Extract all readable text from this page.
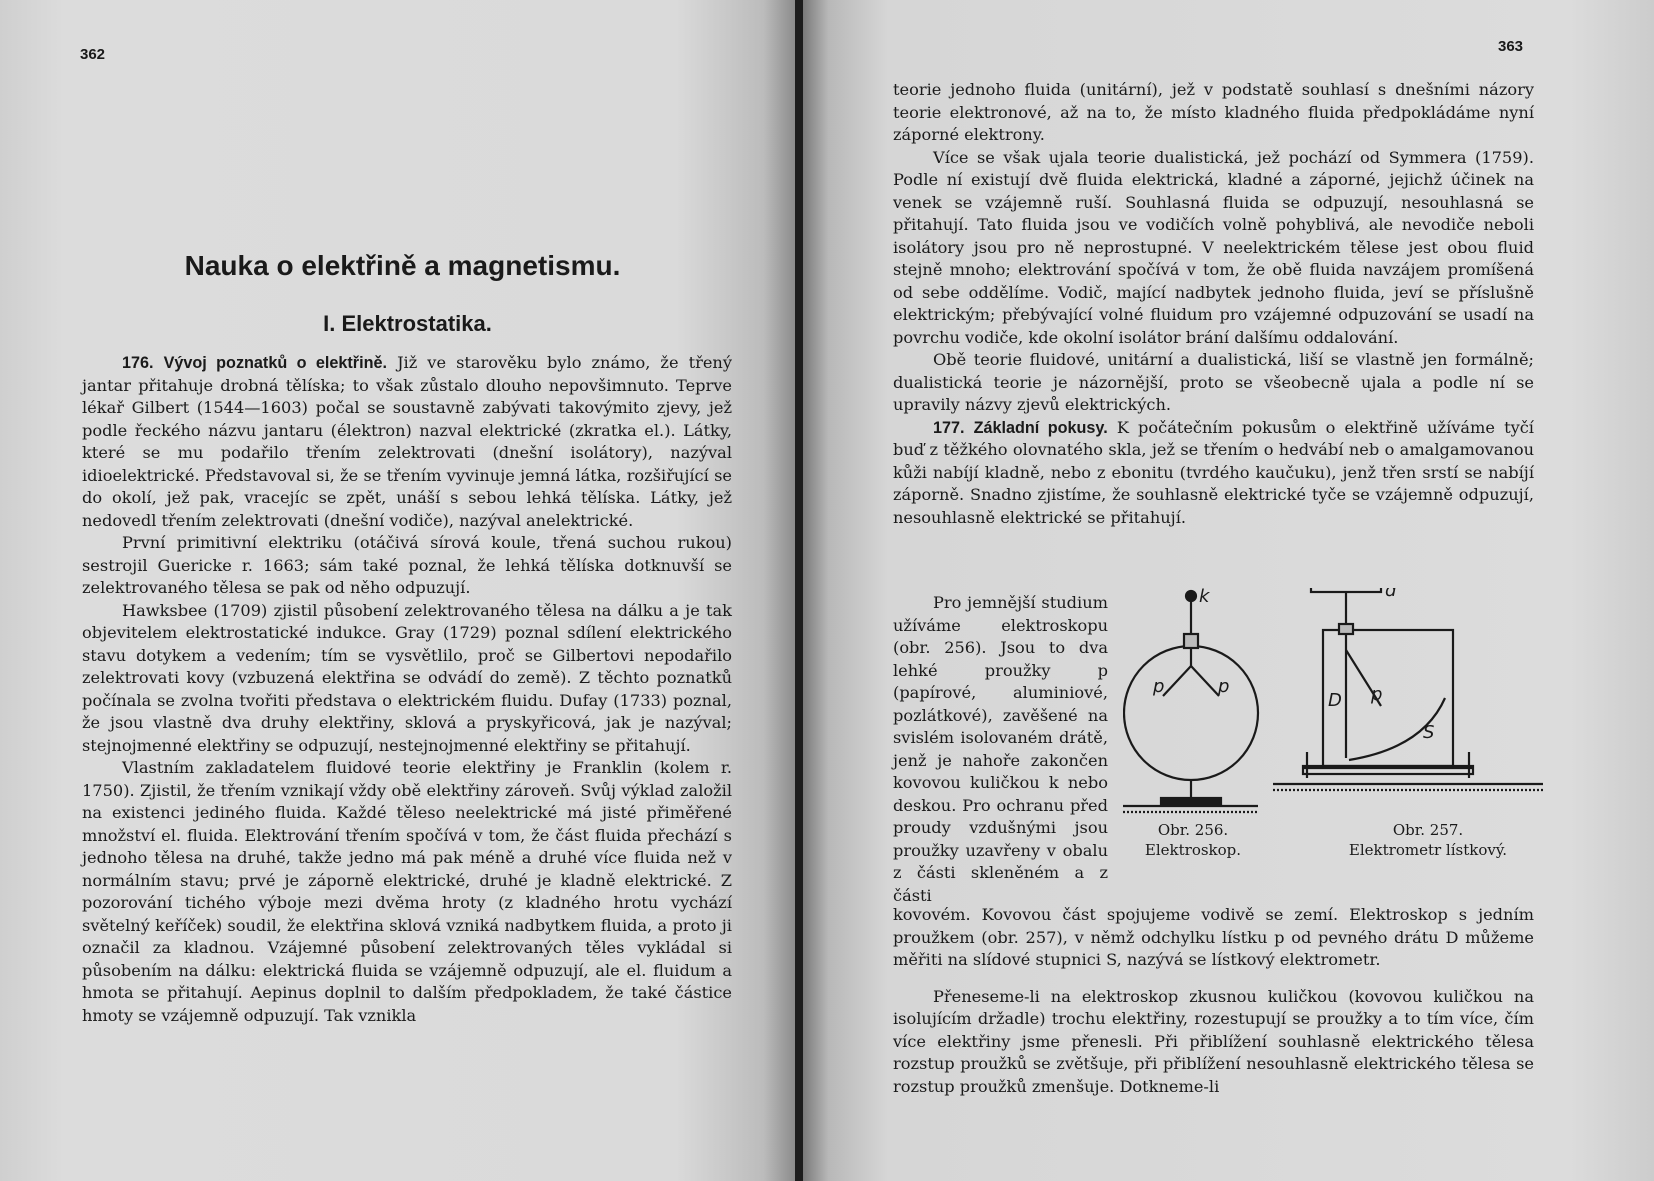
362
Nauka o elektřině a magnetismu.
I. Elektrostatika.

176. Vývoj poznatků o elektřině. Již ve starověku bylo známo, že třený jantar přitahuje drobná tělíska; to však zůstalo dlouho nepovšimnuto. Teprve lékař Gilbert (1544—1603) počal se soustavně zabývati takovýmito zjevy, jež podle řeckého názvu jantaru (élektron) nazval elektrické (zkratka el.). Látky, které se mu podařilo třením zelektrovati (dnešní isolátory), nazýval idioelektrické. Představoval si, že se třením vyvinuje jemná látka, rozšiřující se do okolí, jež pak, vracejíc se zpět, unáší s sebou lehká tělíska. Látky, jež nedovedl třením zelektrovati (dnešní vodiče), nazýval anelektrické.

První primitivní elektriku (otáčivá sírová koule, třená suchou rukou) sestrojil Guericke r. 1663; sám také poznal, že lehká tělíska dotknuvší se zelektrovaného tělesa se pak od něho odpuzují.

Hawksbee (1709) zjistil působení zelektrovaného tělesa na dálku a je tak objevitelem elektrostatické indukce. Gray (1729) poznal sdílení elektrického stavu dotykem a vedením; tím se vysvětlilo, proč se Gilbertovi nepodařilo zelektrovati kovy (vzbuzená elektřina se odvádí do země). Z těchto poznatků počínala se zvolna tvořiti představa o elektrickém fluidu. Dufay (1733) poznal, že jsou vlastně dva druhy elektřiny, sklová a pryskyřicová, jak je nazýval; stejnojmenné elektřiny se odpuzují, nestejnojmenné elektřiny se přitahují.

Vlastním zakladatelem fluidové teorie elektřiny je Franklin (kolem r. 1750). Zjistil, že třením vznikají vždy obě elektřiny zároveň. Svůj výklad založil na existenci jediného fluida. Každé těleso neelektrické má jisté přiměřené množství el. fluida. Elektrování třením spočívá v tom, že část fluida přechází s jednoho tělesa na druhé, takže jedno má pak méně a druhé více fluida než v normálním stavu; prvé je záporně elektrické, druhé je kladně elektrické. Z pozorování tichého výboje mezi dvěma hroty (z kladného hrotu vychází světelný keříček) soudil, že elektřina sklová vzniká nadbytkem fluida, a proto ji označil za kladnou. Vzájemné působení zelektrovaných těles vykládal si působením na dálku: elektrická fluida se vzájemně odpuzují, ale el. fluidum a hmota se přitahují. Aepinus doplnil to dalším předpokladem, že také částice hmoty se vzájemně odpuzují. Tak vznikla

363

teorie jednoho fluida (unitární), jež v podstatě souhlasí s dnešními názory teorie elektronové, až na to, že místo kladného fluida předpokládáme nyní záporné elektrony.

Více se však ujala teorie dualistická, jež pochází od Symmera (1759). Podle ní existují dvě fluida elektrická, kladné a záporné, jejichž účinek na venek se vzájemně ruší. Souhlasná fluida se odpuzují, nesouhlasná se přitahují. Tato fluida jsou ve vodičích volně pohyblivá, ale nevodiče neboli isolátory jsou pro ně neprostupné. V neelektrickém tělese jest obou fluid stejně mnoho; elektrování spočívá v tom, že obě fluida navzájem promíšená od sebe oddělíme. Vodič, mající nadbytek jednoho fluida, jeví se příslušně elektrickým; přebývající volné fluidum pro vzájemné odpuzování se usadí na povrchu vodiče, kde okolní isolátor brání dalšímu oddalování.

Obě teorie fluidové, unitární a dualistická, liší se vlastně jen formálně; dualistická teorie je názornější, proto se všeobecně ujala a podle ní se upravily názvy zjevů elektrických.

177. Základní pokusy. K počátečním pokusům o elektřině užíváme tyčí buď z těžkého olovnatého skla, jež se třením o hedvábí neb o amalgamovanou kůži nabíjí kladně, nebo z ebonitu (tvrdého kaučuku), jenž třen srstí se nabíjí záporně. Snadno zjistíme, že souhlasně elektrické tyče se vzájemně odpuzují, nesouhlasně elektrické se přitahují.

Pro jemnější studium užíváme elektroskopu (obr. 256). Jsou to dva lehké proužky p (papírové, aluminiové, pozlátkové), zavěšené na svislém isolovaném drátě, jenž je nahoře zakončen kovovou kuličkou k nebo deskou. Pro ochranu před proudy vzdušnými jsou proužky uzavřeny v obalu z části skleněném a z části

k
p	p
d
D p
S
Obr. 256.
Elektroskop.
Obr. 257.
Elektrometr lístkový.

kovovém. Kovovou část spojujeme vodivě se zemí. Elektroskop s jedním proužkem (obr. 257), v němž odchylku lístku p od pevného drátu D můžeme měřiti na slídové stupnici S, nazývá se lístkový elektrometr.

Přeneseme-li na elektroskop zkusnou kuličkou (kovovou kuličkou na isolujícím držadle) trochu elektřiny, rozestupují se proužky a to tím více, čím více elektřiny jsme přenesli. Při přiblížení souhlasně elektrického tělesa rozstup proužků se zvětšuje, při přiblížení nesouhlasně elektrického tělesa se rozstup proužků zmenšuje. Dotkneme-li
